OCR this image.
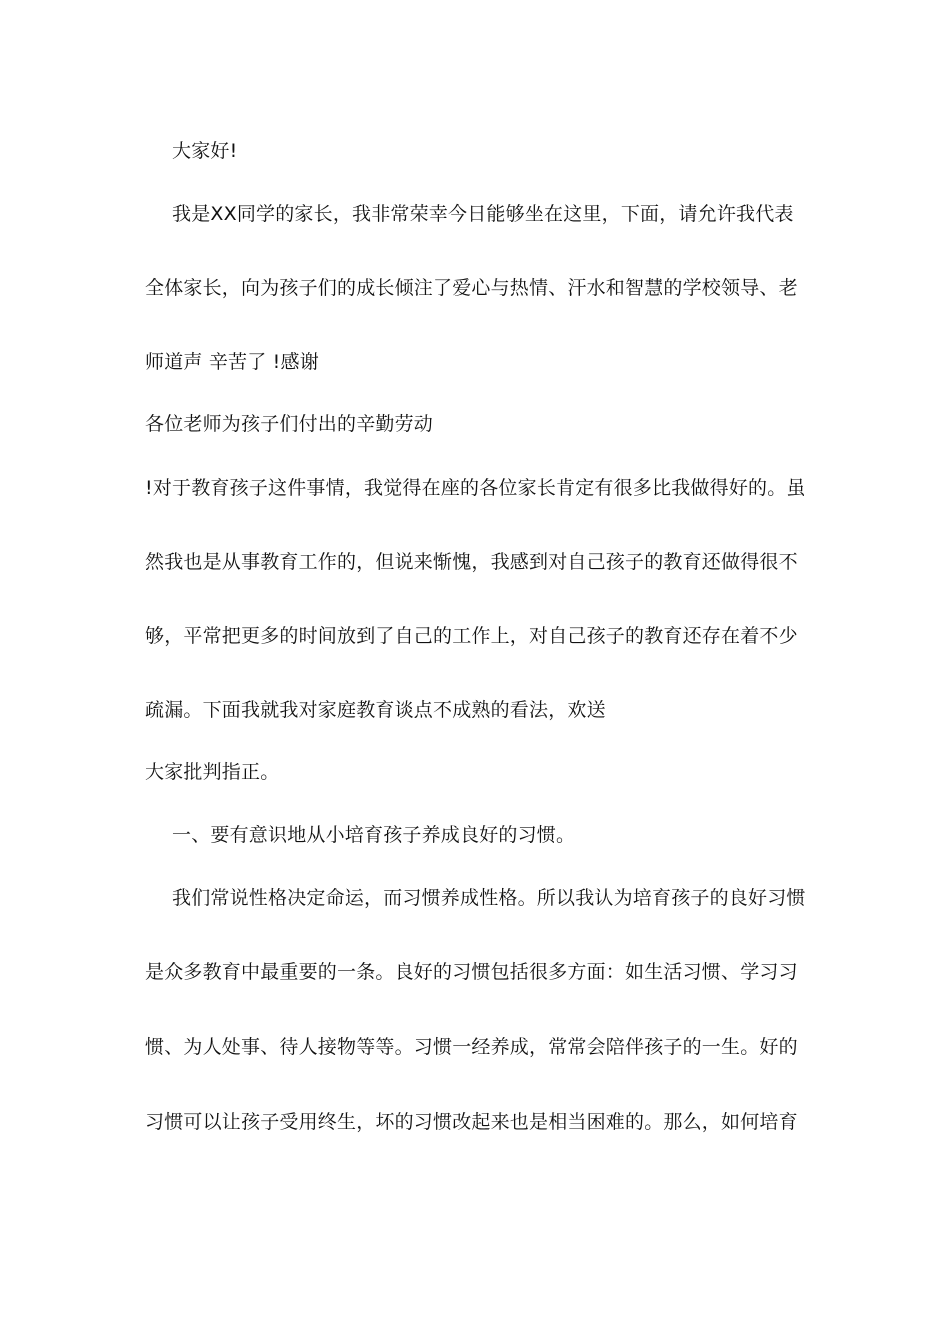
大家好!
我是XX同学的家长，我非常荣幸今日能够坐在这里，下面，请允许我代表
全体家长，向为孩子们的成长倾注了爱心与热情、汗水和智慧的学校领导、老
师道声 辛苦了 !感谢
各位老师为孩子们付出的辛勤劳动
!对于教育孩子这件事情，我觉得在座的各位家长肯定有很多比我做得好的。虽
然我也是从事教育工作的，但说来惭愧，我感到对自己孩子的教育还做得很不
够，平常把更多的时间放到了自己的工作上，对自己孩子的教育还存在着不少
疏漏。下面我就我对家庭教育谈点不成熟的看法，欢送
大家批判指正。
一、要有意识地从小培育孩子养成良好的习惯。
我们常说性格决定命运，而习惯养成性格。所以我认为培育孩子的良好习惯
是众多教育中最重要的一条。良好的习惯包括很多方面：如生活习惯、学习习
惯、为人处事、待人接物等等。习惯一经养成，常常会陪伴孩子的一生。好的
习惯可以让孩子受用终生，坏的习惯改起来也是相当困难的。那么，如何培育
